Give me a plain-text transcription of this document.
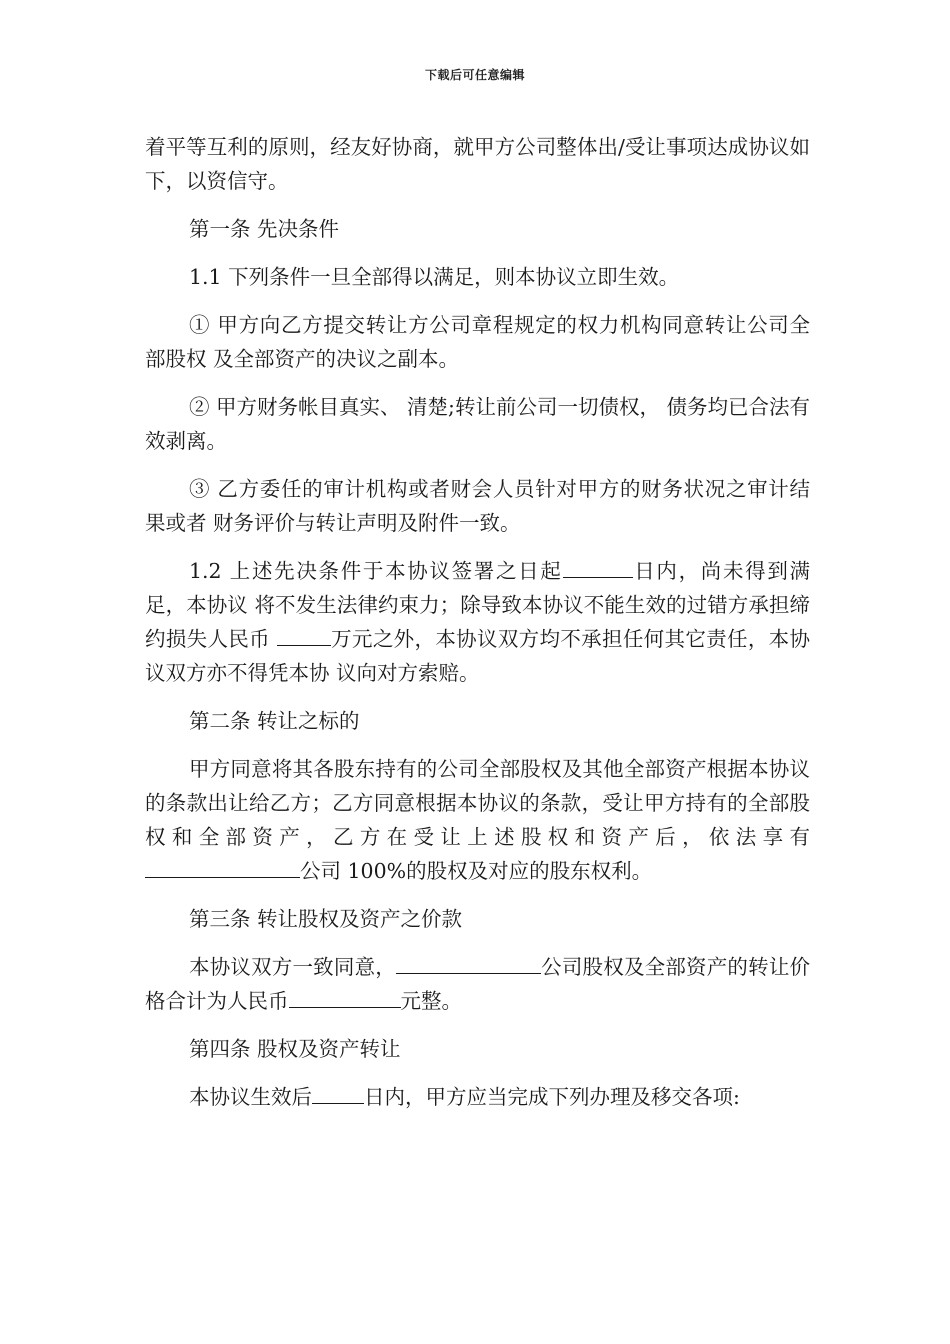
下载后可任意编辑

着平等互利的原则，经友好协商，就甲方公司整体出/受让事项达成协议如下，以资信守。

第一条 先决条件

1.1 下列条件一旦全部得以满足，则本协议立即生效。

① 甲方向乙方提交转让方公司章程规定的权力机构同意转让公司全部股权 及全部资产的决议之副本。

② 甲方财务帐目真实、 清楚;转让前公司一切债权， 债务均已合法有效剥离。

③ 乙方委任的审计机构或者财会人员针对甲方的财务状况之审计结果或者 财务评价与转让声明及附件一致。

1.2 上述先决条件于本协议签署之日起	日内，尚未得到满足，本协议 将不发生法律约束力；除导致本协议不能生效的过错方承担缔约损失人民币	万元之外，本协议双方均不承担任何其它责任，本协议双方亦不得凭本协 议向对方索赔。

第二条 转让之标的

甲方同意将其各股东持有的公司全部股权及其他全部资产根据本协议的条款出让给乙方；乙方同意根据本协议的条款，受让甲方持有的全部股权和全部资产，乙方在受让上述股权和资产后，依法享有公司 100%的股权及对应的股东权利。

第三条 转让股权及资产之价款

本协议双方一致同意，	公司股权及全部资产的转让价格合计为人民币	元整。

第四条 股权及资产转让

本协议生效后	日内，甲方应当完成下列办理及移交各项:
